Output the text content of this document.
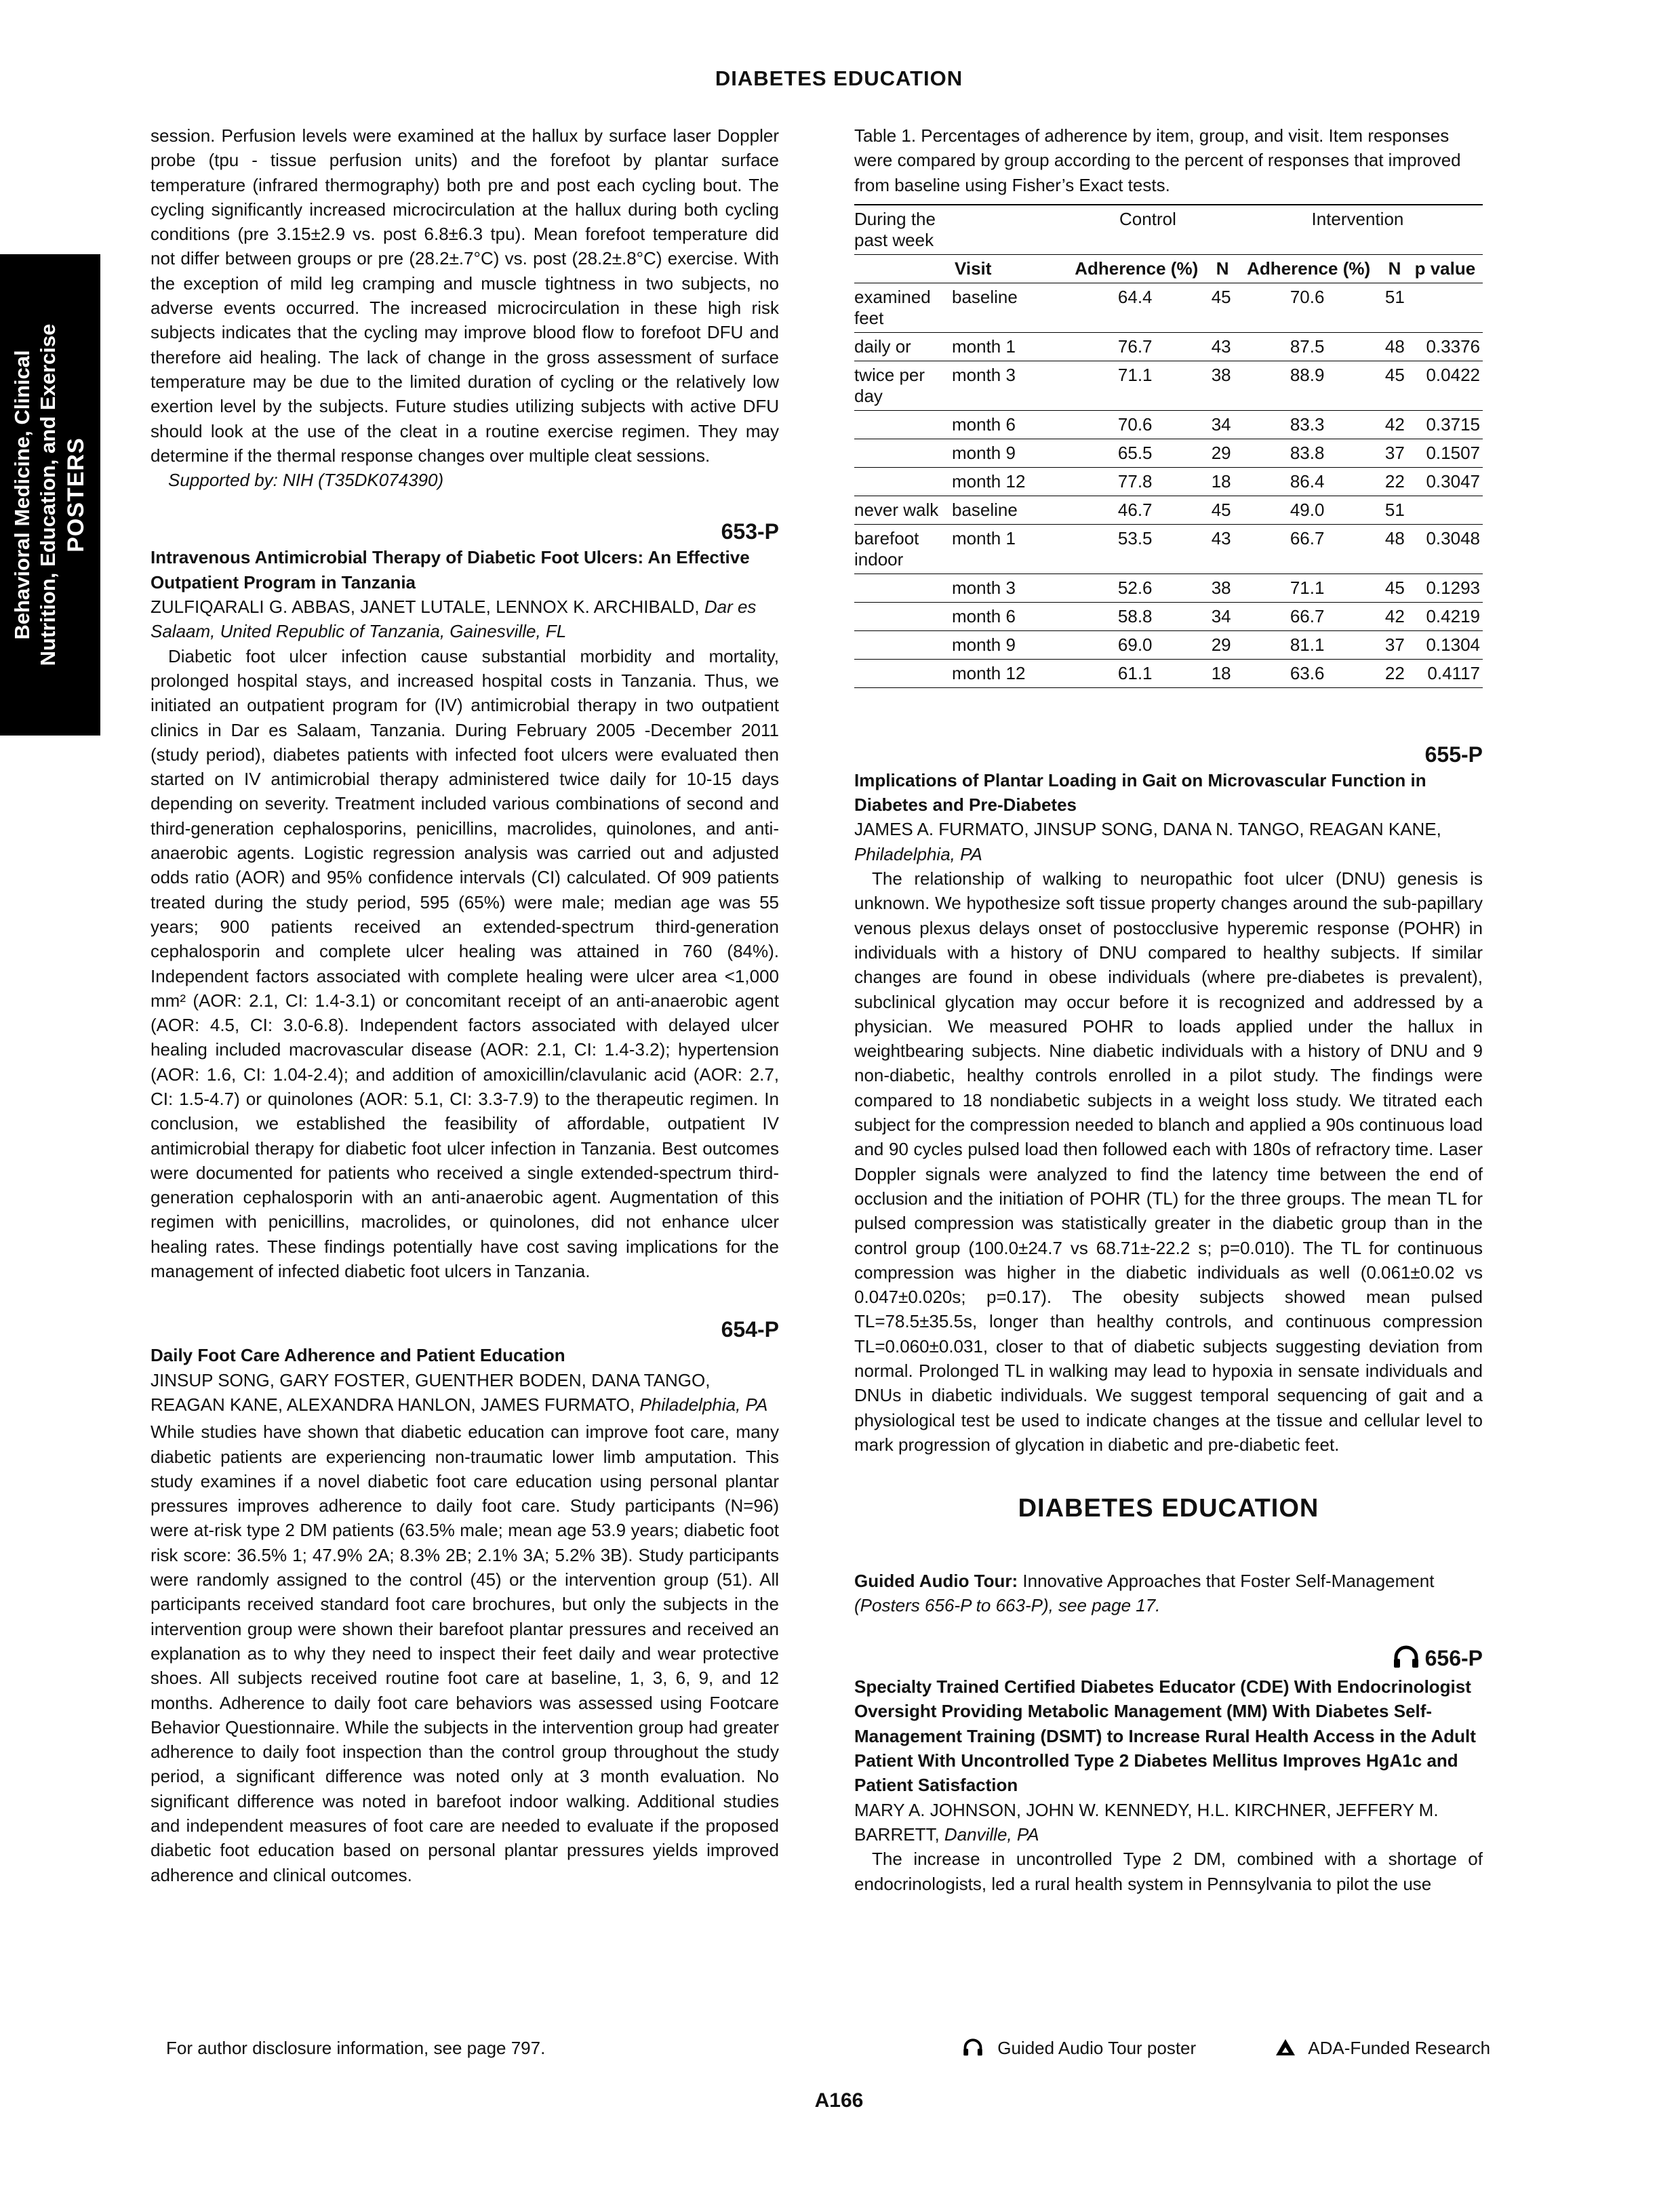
DIABETES EDUCATION
Behavioral Medicine, Clinical Nutrition, Education, and Exercise POSTERS

session. Perfusion levels were examined at the hallux by surface laser Doppler probe (tpu - tissue perfusion units) and the forefoot by plantar surface temperature (infrared thermography) both pre and post each cycling bout. The cycling significantly increased microcirculation at the hallux during both cycling conditions (pre 3.15±2.9 vs. post 6.8±6.3 tpu). Mean forefoot temperature did not differ between groups or pre (28.2±.7°C) vs. post (28.2±.8°C) exercise. With the exception of mild leg cramping and muscle tightness in two subjects, no adverse events occurred. The increased microcirculation in these high risk subjects indicates that the cycling may improve blood flow to forefoot DFU and therefore aid healing. The lack of change in the gross assessment of surface temperature may be due to the limited duration of cycling or the relatively low exertion level by the subjects. Future studies utilizing subjects with active DFU should look at the use of the cleat in a routine exercise regimen. They may determine if the thermal response changes over multiple cleat sessions.

Supported by: NIH (T35DK074390)

653-P

Intravenous Antimicrobial Therapy of Diabetic Foot Ulcers: An Effective Outpatient Program in Tanzania

ZULFIQARALI G. ABBAS, JANET LUTALE, LENNOX K. ARCHIBALD, Dar es Salaam, United Republic of Tanzania, Gainesville, FL

Diabetic foot ulcer infection cause substantial morbidity and mortality, prolonged hospital stays, and increased hospital costs in Tanzania. Thus, we initiated an outpatient program for (IV) antimicrobial therapy in two outpatient clinics in Dar es Salaam, Tanzania. During February 2005 -December 2011 (study period), diabetes patients with infected foot ulcers were evaluated then started on IV antimicrobial therapy administered twice daily for 10-15 days depending on severity. Treatment included various combinations of second and third-generation cephalosporins, penicillins, macrolides, quinolones, and anti-anaerobic agents. Logistic regression analysis was carried out and adjusted odds ratio (AOR) and 95% confidence intervals (CI) calculated. Of 909 patients treated during the study period, 595 (65%) were male; median age was 55 years; 900 patients received an extended-spectrum third-generation cephalosporin and complete ulcer healing was attained in 760 (84%). Independent factors associated with complete healing were ulcer area <1,000 mm² (AOR: 2.1, CI: 1.4-3.1) or concomitant receipt of an anti-anaerobic agent (AOR: 4.5, CI: 3.0-6.8). Independent factors associated with delayed ulcer healing included macrovascular disease (AOR: 2.1, CI: 1.4-3.2); hypertension (AOR: 1.6, CI: 1.04-2.4); and addition of amoxicillin/clavulanic acid (AOR: 2.7, CI: 1.5-4.7) or quinolones (AOR: 5.1, CI: 3.3-7.9) to the therapeutic regimen. In conclusion, we established the feasibility of affordable, outpatient IV antimicrobial therapy for diabetic foot ulcer infection in Tanzania. Best outcomes were documented for patients who received a single extended-spectrum third-generation cephalosporin with an anti-anaerobic agent. Augmentation of this regimen with penicillins, macrolides, or quinolones, did not enhance ulcer healing rates. These findings potentially have cost saving implications for the management of infected diabetic foot ulcers in Tanzania.

654-P

Daily Foot Care Adherence and Patient Education

JINSUP SONG, GARY FOSTER, GUENTHER BODEN, DANA TANGO, REAGAN KANE, ALEXANDRA HANLON, JAMES FURMATO, Philadelphia, PA

While studies have shown that diabetic education can improve foot care, many diabetic patients are experiencing non-traumatic lower limb amputation. This study examines if a novel diabetic foot care education using personal plantar pressures improves adherence to daily foot care. Study participants (N=96) were at-risk type 2 DM patients (63.5% male; mean age 53.9 years; diabetic foot risk score: 36.5% 1; 47.9% 2A; 8.3% 2B; 2.1% 3A; 5.2% 3B). Study participants were randomly assigned to the control (45) or the intervention group (51). All participants received standard foot care brochures, but only the subjects in the intervention group were shown their barefoot plantar pressures and received an explanation as to why they need to inspect their feet daily and wear protective shoes. All subjects received routine foot care at baseline, 1, 3, 6, 9, and 12 months. Adherence to daily foot care behaviors was assessed using Footcare Behavior Questionnaire. While the subjects in the intervention group had greater adherence to daily foot inspection than the control group throughout the study period, a significant difference was noted only at 3 month evaluation. No significant difference was noted in barefoot indoor walking. Additional studies and independent measures of foot care are needed to evaluate if the proposed diabetic foot education based on personal plantar pressures yields improved adherence and clinical outcomes.

Table 1. Percentages of adherence by item, group, and visit. Item responses were compared by group according to the percent of responses that improved from baseline using Fisher’s Exact tests.

During the past week		Control		Intervention		
	Visit	Adherence (%)	N	Adherence (%)	N	p value
examined feet	baseline	64.4	45	70.6	51	
daily or	month 1	76.7	43	87.5	48	0.3376
twice per day	month 3	71.1	38	88.9	45	0.0422
	month 6	70.6	34	83.3	42	0.3715
	month 9	65.5	29	83.8	37	0.1507
	month 12	77.8	18	86.4	22	0.3047
never walk	baseline	46.7	45	49.0	51	
barefoot indoor	month 1	53.5	43	66.7	48	0.3048
	month 3	52.6	38	71.1	45	0.1293
	month 6	58.8	34	66.7	42	0.4219
	month 9	69.0	29	81.1	37	0.1304
	month 12	61.1	18	63.6	22	0.4117
655-P

Implications of Plantar Loading in Gait on Microvascular Function in Diabetes and Pre-Diabetes

JAMES A. FURMATO, JINSUP SONG, DANA N. TANGO, REAGAN KANE, Philadelphia, PA

The relationship of walking to neuropathic foot ulcer (DNU) genesis is unknown. We hypothesize soft tissue property changes around the sub-papillary venous plexus delays onset of postocclusive hyperemic response (POHR) in individuals with a history of DNU compared to healthy subjects. If similar changes are found in obese individuals (where pre-diabetes is prevalent), subclinical glycation may occur before it is recognized and addressed by a physician. We measured POHR to loads applied under the hallux in weightbearing subjects. Nine diabetic individuals with a history of DNU and 9 non-diabetic, healthy controls enrolled in a pilot study. The findings were compared to 18 nondiabetic subjects in a weight loss study. We titrated each subject for the compression needed to blanch and applied a 90s continuous load and 90 cycles pulsed load then followed each with 180s of refractory time. Laser Doppler signals were analyzed to find the latency time between the end of occlusion and the initiation of POHR (TL) for the three groups. The mean TL for pulsed compression was statistically greater in the diabetic group than in the control group (100.0±24.7 vs 68.71±-22.2 s; p=0.010). The TL for continuous compression was higher in the diabetic individuals as well (0.061±0.02 vs 0.047±0.020s; p=0.17). The obesity subjects showed mean pulsed TL=78.5±35.5s, longer than healthy controls, and continuous compression TL=0.060±0.031, closer to that of diabetic subjects suggesting deviation from normal. Prolonged TL in walking may lead to hypoxia in sensate individuals and DNUs in diabetic individuals. We suggest temporal sequencing of gait and a physiological test be used to indicate changes at the tissue and cellular level to mark progression of glycation in diabetic and pre-diabetic feet.

DIABETES EDUCATION

Guided Audio Tour: Innovative Approaches that Foster Self-Management

(Posters 656-P to 663-P), see page 17.

656-P

Specialty Trained Certified Diabetes Educator (CDE) With Endocrinologist Oversight Providing Metabolic Management (MM) With Diabetes Self-Management Training (DSMT) to Increase Rural Health Access in the Adult Patient With Uncontrolled Type 2 Diabetes Mellitus Improves HgA1c and Patient Satisfaction

MARY A. JOHNSON, JOHN W. KENNEDY, H.L. KIRCHNER, JEFFERY M. BARRETT, Danville, PA

The increase in uncontrolled Type 2 DM, combined with a shortage of endocrinologists, led a rural health system in Pennsylvania to pilot the use

For author disclosure information, see page 797.	Guided Audio Tour poster	ADA-Funded Research
A166
